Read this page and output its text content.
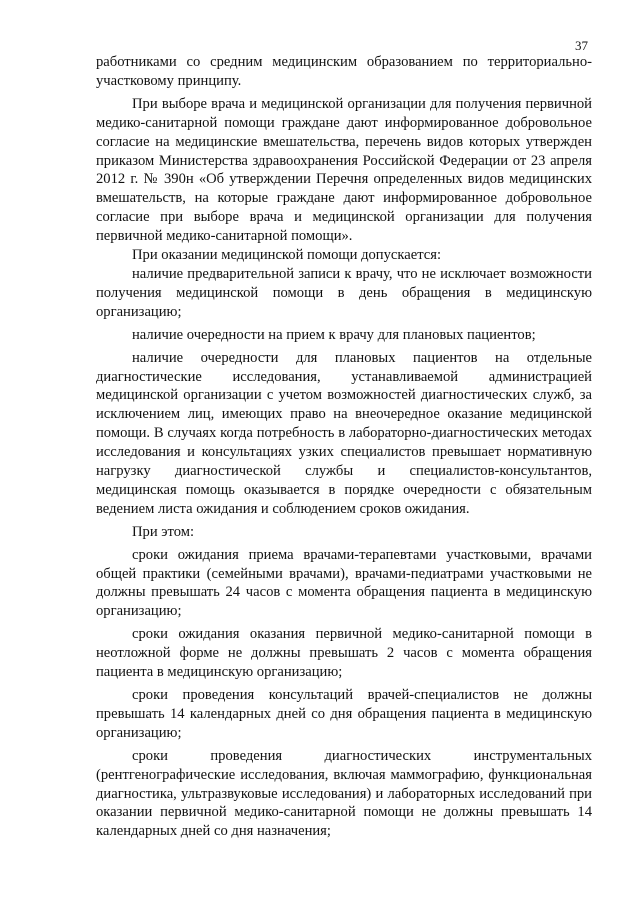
37

работниками со средним медицинским образованием по территориально-участковому принципу.

При выборе врача и медицинской организации для получения первичной медико-санитарной помощи граждане дают информированное добровольное согласие на медицинские вмешательства, перечень видов которых утвержден приказом Министерства здравоохранения Российской Федерации от 23 апреля 2012 г. № 390н «Об утверждении Перечня определенных видов медицинских вмешательств, на которые граждане дают информированное добровольное согласие при выборе врача и медицинской организации для получения первичной медико-санитарной помощи».

При оказании медицинской помощи допускается:

наличие предварительной записи к врачу, что не исключает возможности получения медицинской помощи в день обращения в медицинскую организацию;

наличие очередности на прием к врачу для плановых пациентов;

наличие очередности для плановых пациентов на отдельные диагностические исследования, устанавливаемой администрацией медицинской организации с учетом возможностей диагностических служб, за исключением лиц, имеющих право на внеочередное оказание медицинской помощи. В случаях когда потребность в лабораторно-диагностических методах исследования и консультациях узких специалистов превышает нормативную нагрузку диагностической службы и специалистов-консультантов, медицинская помощь оказывается в порядке очередности с обязательным ведением листа ожидания и соблюдением сроков ожидания.

При этом:

сроки ожидания приема врачами-терапевтами участковыми, врачами общей практики (семейными врачами), врачами-педиатрами участковыми не должны превышать 24 часов с момента обращения пациента в медицинскую организацию;

сроки ожидания оказания первичной медико-санитарной помощи в неотложной форме не должны превышать 2 часов с момента обращения пациента в медицинскую организацию;

сроки проведения консультаций врачей-специалистов не должны превышать 14 календарных дней со дня обращения пациента в медицинскую организацию;

сроки проведения диагностических инструментальных (рентгенографические исследования, включая маммографию, функциональная диагностика, ультразвуковые исследования) и лабораторных исследований при оказании первичной медико-санитарной помощи не должны превышать 14 календарных дней со дня назначения;
